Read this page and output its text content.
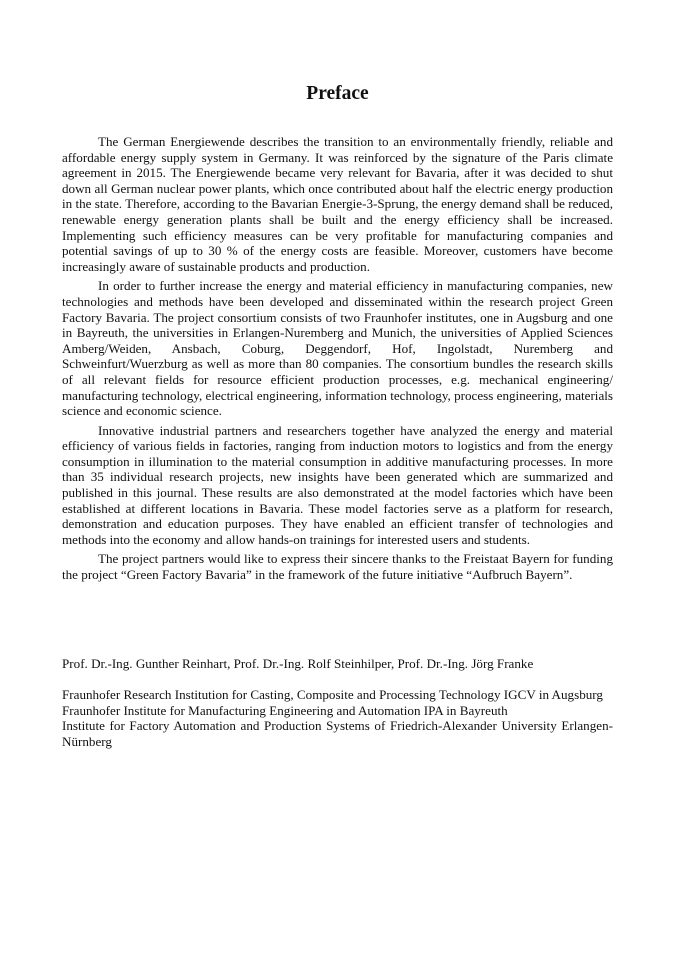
Preface

The German Energiewende describes the transition to an environmentally friendly, reliable and affordable energy supply system in Germany. It was reinforced by the signature of the Paris climate agreement in 2015. The Energiewende became very relevant for Bavaria, after it was decided to shut down all German nuclear power plants, which once contributed about half the electric energy production in the state. Therefore, according to the Bavarian Energie-3-Sprung, the energy demand shall be reduced, renewable energy generation plants shall be built and the energy efficiency shall be increased. Implementing such efficiency measures can be very profitable for manufacturing companies and potential savings of up to 30 % of the energy costs are feasible. Moreover, customers have become increasingly aware of sustainable products and production.

In order to further increase the energy and material efficiency in manufacturing companies, new technologies and methods have been developed and disseminated within the research project Green Factory Bavaria. The project consortium consists of two Fraunhofer institutes, one in Augsburg and one in Bayreuth, the universities in Erlangen-Nuremberg and Munich, the universities of Applied Sciences Amberg/Weiden, Ansbach, Coburg, Deggendorf, Hof, Ingolstadt, Nuremberg and Schweinfurt/Wuerzburg as well as more than 80 companies. The consortium bundles the research skills of all relevant fields for resource efficient production processes, e.g. mechanical engineering/ manufacturing technology, electrical engineering, information technology, process engineering, materials science and economic science.

Innovative industrial partners and researchers together have analyzed the energy and material efficiency of various fields in factories, ranging from induction motors to logistics and from the energy consumption in illumination to the material consumption in additive manufacturing processes. In more than 35 individual research projects, new insights have been generated which are summarized and published in this journal. These results are also demonstrated at the model factories which have been established at different locations in Bavaria. These model factories serve as a platform for research, demonstration and education purposes. They have enabled an efficient transfer of technologies and methods into the economy and allow hands-on trainings for interested users and students.

The project partners would like to express their sincere thanks to the Freistaat Bayern for funding the project “Green Factory Bavaria” in the framework of the future initiative “Aufbruch Bayern”.

Prof. Dr.-Ing. Gunther Reinhart, Prof. Dr.-Ing. Rolf Steinhilper, Prof. Dr.-Ing. Jörg Franke

Fraunhofer Research Institution for Casting, Composite and Processing Technology IGCV in Augsburg

Fraunhofer Institute for Manufacturing Engineering and Automation IPA in Bayreuth

Institute for Factory Automation and Production Systems of Friedrich-Alexander University Erlangen-Nürnberg
